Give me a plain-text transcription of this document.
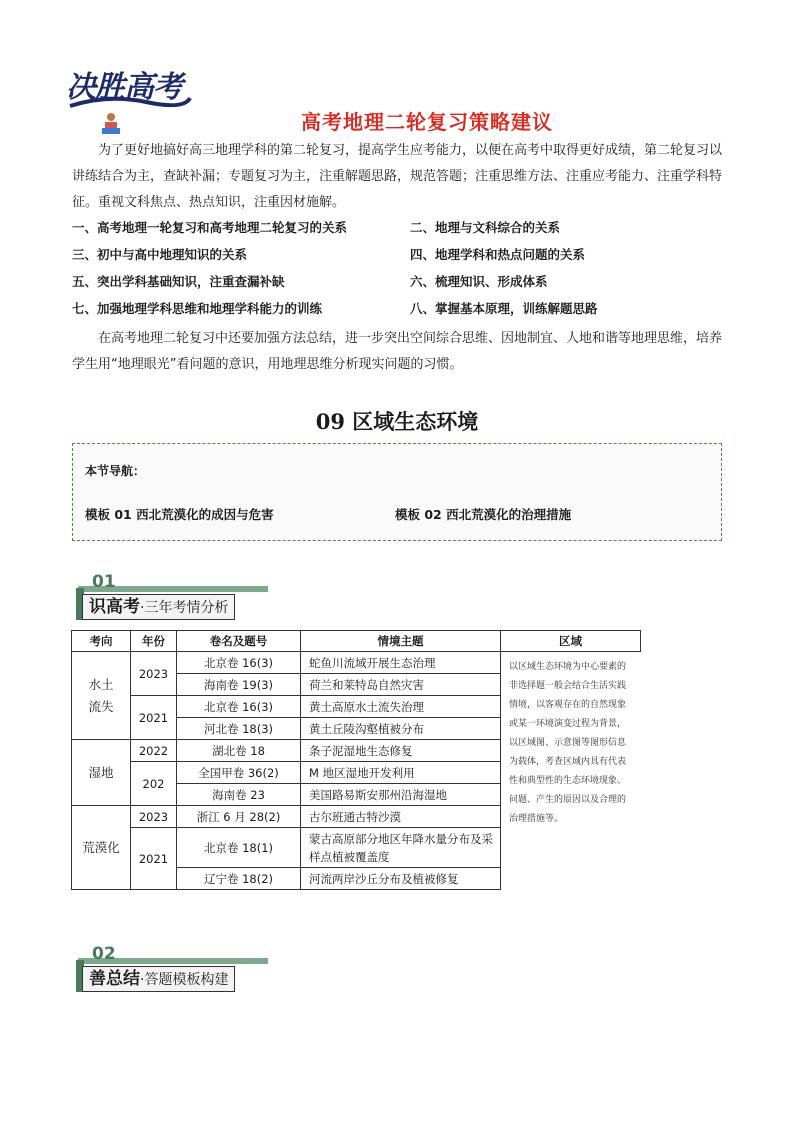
决胜高考
高考地理二轮复习策略建议
为了更好地搞好高三地理学科的第二轮复习，提高学生应考能力，以便在高考中取得更好成绩，第二轮复习以讲练结合为主，查缺补漏；专题复习为主，注重解题思路，规范答题；注重思维方法、注重应考能力、注重学科特征。重视文科焦点、热点知识，注重因材施解。
一、高考地理一轮复习和高考地理二轮复习的关系	二、地理与文科综合的关系
三、初中与高中地理知识的关系	四、地理学科和热点问题的关系
五、突出学科基础知识，注重查漏补缺	六、梳理知识、形成体系
七、加强地理学科思维和地理学科能力的训练	八、掌握基本原理，训练解题思路
在高考地理二轮复习中还要加强方法总结，进一步突出空间综合思维、因地制宜、人地和谐等地理思维，培养学生用“地理眼光”看问题的意识，用地理思维分析现实问题的习惯。
09 区域生态环境
本节导航：
模板 01 西北荒漠化的成因与危害	模板 02 西北荒漠化的治理措施
01
识高考·三年考情分析
考向	年份	卷名及题号	情境主题	区域
水土
流失	2023	北京卷 16(3)	蛇鱼川流域开展生态治理	以区域生态环境为中心要素的非选择题一般会结合生活实践情境，以客观存在的自然现象或某一环境演变过程为背景，以区域图、示意图等图形信息为载体，考查区域内具有代表性和典型性的生态环境现象、问题、产生的原因以及合理的治理措施等。
		海南卷 19(3)	荷兰和莱特岛自然灾害	
	2021	北京卷 16(3)	黄土高原水土流失治理	
		河北卷 18(3)	黄土丘陵沟壑植被分布	
湿地	2022	湖北卷 18	条子泥湿地生态修复	
	202	全国甲卷 36(2)	M 地区湿地开发利用	
		海南卷 23	美国路易斯安那州沿海湿地	
荒漠化	2023	浙江 6 月 28(2)	古尔班通古特沙漠	
	2021	北京卷 18(1)	蒙古高原部分地区年降水量分布及采样点植被覆盖度	
		辽宁卷 18(2)	河流两岸沙丘分布及植被修复	
02
善总结·答题模板构建
